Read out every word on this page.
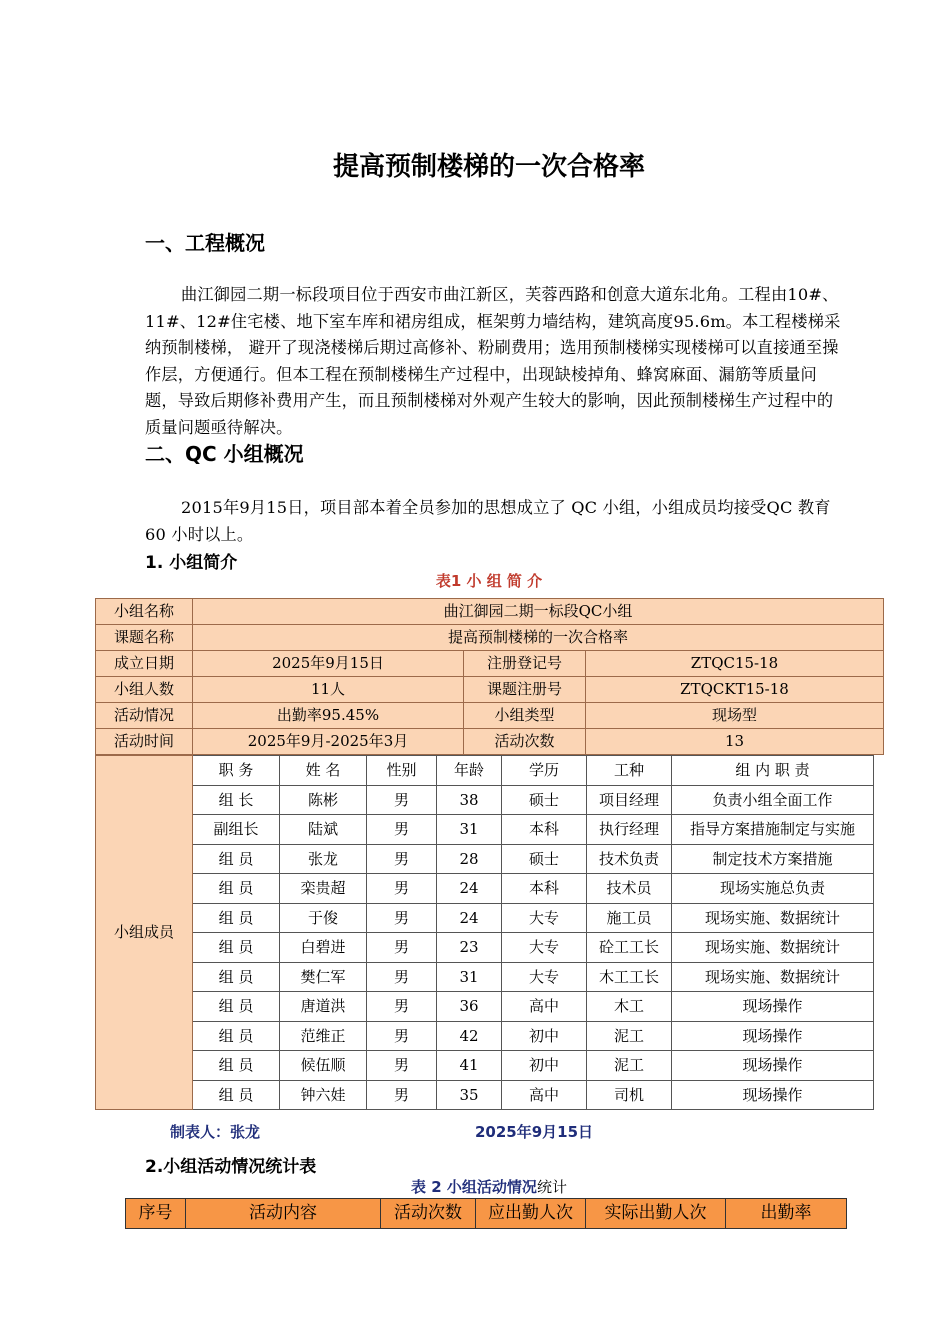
提高预制楼梯的一次合格率
一、工程概况
曲江御园二期一标段项目位于西安市曲江新区，芙蓉西路和创意大道东北角。工程由10#、11#、12#住宅楼、地下室车库和裙房组成，框架剪力墙结构，建筑高度95.6m。本工程楼梯采纳预制楼梯， 避开了现浇楼梯后期过高修补、粉刷费用；选用预制楼梯实现楼梯可以直接通至操作层，方便通行。但本工程在预制楼梯生产过程中，出现缺棱掉角、蜂窝麻面、漏筋等质量问题，导致后期修补费用产生，而且预制楼梯对外观产生较大的影响，因此预制楼梯生产过程中的质量问题亟待解决。
二、QC 小组概况
2015年9月15日，项目部本着全员参加的思想成立了 QC 小组，小组成员均接受QC 教育60 小时以上。
1. 小组简介
表1 小 组 简 介
小组名称	曲江御园二期一标段QC小组		
课题名称	提高预制楼梯的一次合格率		
成立日期	2025年9月15日	注册登记号	ZTQC15-18
小组人数	11人	课题注册号	ZTQCKT15-18
活动情况	出勤率95.45%	小组类型	现场型
活动时间	2025年9月-2025年3月	活动次数	13
小组成员	职 务	姓 名	性别	年龄	学历	工种	组 内 职 责
	组 长	陈彬	男	38	硕士	项目经理	负责小组全面工作
	副组长	陆斌	男	31	本科	执行经理	指导方案措施制定与实施
	组 员	张龙	男	28	硕士	技术负责	制定技术方案措施
	组 员	栾贵超	男	24	本科	技术员	现场实施总负责
	组 员	于俊	男	24	大专	施工员	现场实施、数据统计
	组 员	白碧进	男	23	大专	砼工工长	现场实施、数据统计
	组 员	樊仁军	男	31	大专	木工工长	现场实施、数据统计
	组 员	唐道洪	男	36	高中	木工	现场操作
	组 员	范维正	男	42	初中	泥工	现场操作
	组 员	候伍顺	男	41	初中	泥工	现场操作
	组 员	钟六娃	男	35	高中	司机	现场操作
制表人：张龙	2025年9月15日
2.小组活动情况统计表
表 2 小组活动情况统计
序号	活动内容	活动次数	应出勤人次	实际出勤人次	出勤率
